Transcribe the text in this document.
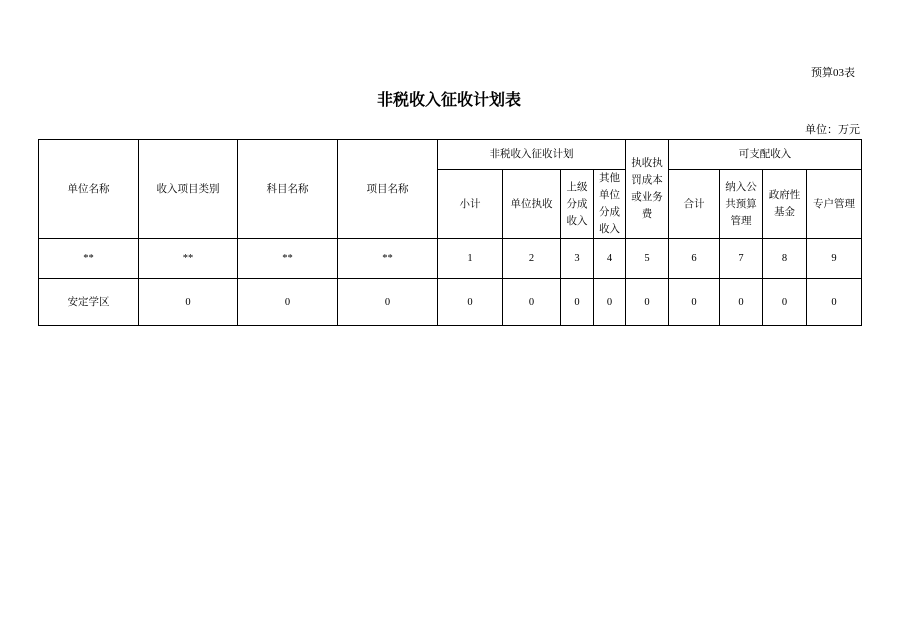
预算03表
非税收入征收计划表
单位：万元
单位名称	收入项目类别	科目名称	项目名称	非税收入征收计划				执收执罚成本或业务费	可支配收入			
				小计	单位执收	上级分成收入	其他单位分成收入		合计	纳入公共预算管理	政府性基金	专户管理
**	**	**	**	1	2	3	4	5	6	7	8	9
安定学区	0	0	0	0	0	0	0	0	0	0	0	0
